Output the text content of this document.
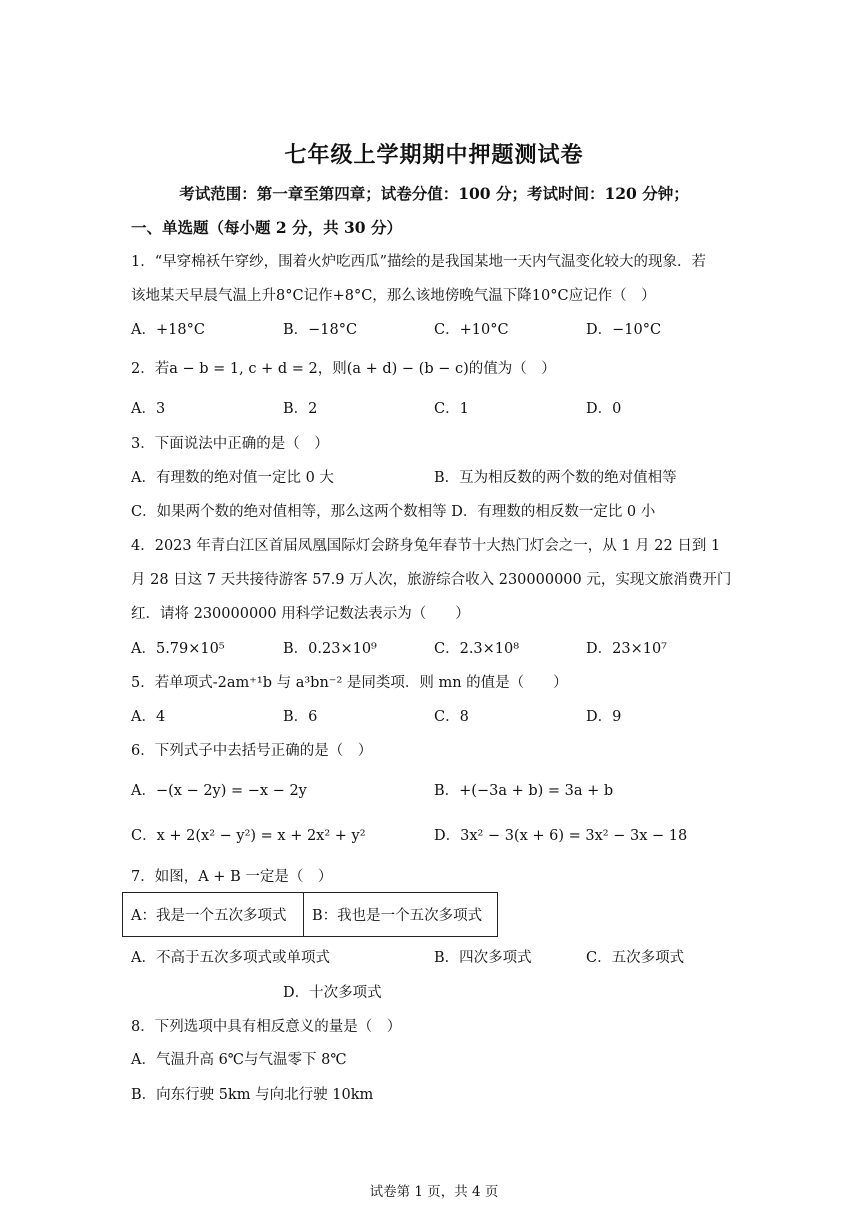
七年级上学期期中押题测试卷
考试范围：第一章至第四章；试卷分值：100 分；考试时间：120 分钟；
一、单选题（每小题 2 分，共 30 分）
1．“早穿棉袄午穿纱，围着火炉吃西瓜”描绘的是我国某地一天内气温变化较大的现象．若
该地某天早晨气温上升8°C记作+8°C，那么该地傍晚气温下降10°C应记作（　）
A．+18°C	B．−18°C	C．+10°C	D．−10°C
2．若a − b = 1, c + d = 2，则(a + d) − (b − c)的值为（　）
A．3	B．2	C．1	D．0
3．下面说法中正确的是（　）
A．有理数的绝对值一定比 0 大	B．互为相反数的两个数的绝对值相等
C．如果两个数的绝对值相等，那么这两个数相等 D．有理数的相反数一定比 0 小
4．2023 年青白江区首届凤凰国际灯会跻身兔年春节十大热门灯会之一，从 1 月 22 日到 1
月 28 日这 7 天共接待游客 57.9 万人次，旅游综合收入 230000000 元，实现文旅消费开门
红．请将 230000000 用科学记数法表示为（　　）
A．5.79×10⁵	B．0.23×10⁹	C．2.3×10⁸	D．23×10⁷
5．若单项式-2am⁺¹b 与 a³bn⁻² 是同类项．则 mn 的值是（　　）
A．4	B．6	C．8	D．9
6．下列式子中去括号正确的是（　）
A．−(x − 2y) = −x − 2y	B．+(−3a + b) = 3a + b
C．x + 2(x² − y²) = x + 2x² + y²	D．3x² − 3(x + 6) = 3x² − 3x − 18
7．如图，A + B 一定是（　）
A：我是一个五次多项式	B：我也是一个五次多项式
A．不高于五次多项式或单项式	B．四次多项式	C．五次多项式
D．十次多项式
8．下列选项中具有相反意义的量是（　）
A．气温升高 6℃与气温零下 8℃
B．向东行驶 5km 与向北行驶 10km
试卷第 1 页，共 4 页
